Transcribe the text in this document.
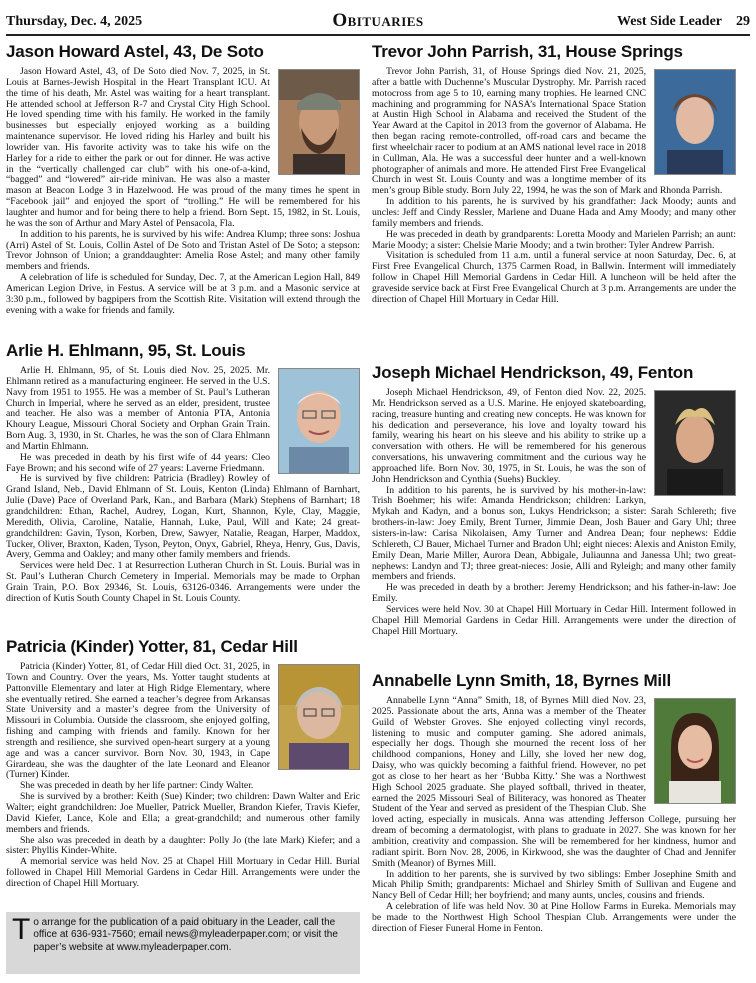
Thursday, Dec. 4, 2025	Obituaries	West Side Leader 29
Jason Howard Astel, 43, De Soto

Jason Howard Astel, 43, of De Soto died Nov. 7, 2025, in St. Louis at Barnes-Jewish Hospital in the Heart Transplant ICU. At the time of his death, Mr. Astel was waiting for a heart transplant. He attended school at Jefferson R-7 and Crystal City High School. He loved spending time with his family. He worked in the family businesses but especially enjoyed working as a building maintenance supervisor. He loved riding his Harley and built his lowrider van. His favorite activity was to take his wife on the Harley for a ride to either the park or out for dinner. He was active in the “vertically challenged car club” with his one-of-a-kind, “bagged” and “lowered” air-ride minivan. He was also a master mason at Beacon Lodge 3 in Hazelwood. He was proud of the many times he spent in “Facebook jail” and enjoyed the sport of “trolling.” He will be remembered for his laughter and humor and for being there to help a friend. Born Sept. 15, 1982, in St. Louis, he was the son of Arthur and Mary Astel of Pensacola, Fla.

In addition to his parents, he is survived by his wife: Andrea Klump; three sons: Joshua (Arri) Astel of St. Louis, Collin Astel of De Soto and Tristan Astel of De Soto; a stepson: Trevor Johnson of Union; a granddaughter: Amelia Rose Astel; and many other family members and friends.

A celebration of life is scheduled for Sunday, Dec. 7, at the American Legion Hall, 849 American Legion Drive, in Festus. A service will be at 3 p.m. and a Masonic service at 3:30 p.m., followed by bagpipers from the Scottish Rite. Visitation will extend through the evening with a wake for friends and family.

Arlie H. Ehlmann, 95, St. Louis

Arlie H. Ehlmann, 95, of St. Louis died Nov. 25, 2025. Mr. Ehlmann retired as a manufacturing engineer. He served in the U.S. Navy from 1951 to 1955. He was a member of St. Paul’s Lutheran Church in Imperial, where he served as an elder, president, trustee and teacher. He also was a member of Antonia PTA, Antonia Khoury League, Missouri Choral Society and Orphan Grain Train. Born Aug. 3, 1930, in St. Charles, he was the son of Clara Ehlmann and Martin Ehlmann.

He was preceded in death by his first wife of 44 years: Cleo Faye Brown; and his second wife of 27 years: Laverne Friedmann.

He is survived by five children: Patricia (Bradley) Rowley of Grand Island, Neb., David Ehlmann of St. Louis, Kenton (Linda) Ehlmann of Barnhart, Julie (Dave) Pace of Overland Park, Kan., and Barbara (Mark) Stephens of Barnhart; 18 grandchildren: Ethan, Rachel, Audrey, Logan, Kurt, Shannon, Kyle, Clay, Maggie, Meredith, Olivia, Caroline, Natalie, Hannah, Luke, Paul, Will and Kate; 24 great-grandchildren: Gavin, Tyson, Korben, Drew, Sawyer, Natalie, Reagan, Harper, Maddox, Tucker, Oliver, Braxton, Kaden, Tyson, Peyton, Onyx, Gabriel, Rheya, Henry, Gus, Davis, Avery, Gemma and Oakley; and many other family members and friends.

Services were held Dec. 1 at Resurrection Lutheran Church in St. Louis. Burial was in St. Paul’s Lutheran Church Cemetery in Imperial. Memorials may be made to Orphan Grain Train, P.O. Box 29346, St. Louis, 63126-0346. Arrangements were under the direction of Kutis South County Chapel in St. Louis County.

Patricia (Kinder) Yotter, 81, Cedar Hill

Patricia (Kinder) Yotter, 81, of Cedar Hill died Oct. 31, 2025, in Town and Country. Over the years, Ms. Yotter taught students at Pattonville Elementary and later at High Ridge Elementary, where she eventually retired. She earned a teacher’s degree from Arkansas State University and a master’s degree from the University of Missouri in Columbia. Outside the classroom, she enjoyed golfing, fishing and camping with friends and family. Known for her strength and resilience, she survived open-heart surgery at a young age and was a cancer survivor. Born Nov. 30, 1943, in Cape Girardeau, she was the daughter of the late Leonard and Eleanor (Turner) Kinder.

She was preceded in death by her life partner: Cindy Walter.

She is survived by a brother: Keith (Sue) Kinder; two children: Dawn Walter and Eric Walter; eight grandchildren: Joe Mueller, Patrick Mueller, Brandon Kiefer, Travis Kiefer, David Kiefer, Lance, Kole and Ella; a great-grandchild; and numerous other family members and friends.

She also was preceded in death by a daughter: Polly Jo (the late Mark) Kiefer; and a sister: Phyllis Kinder-White.

A memorial service was held Nov. 25 at Chapel Hill Mortuary in Cedar Hill. Burial followed in Chapel Hill Memorial Gardens in Cedar Hill. Arrangements were under the direction of Chapel Hill Mortuary.

T o arrange for the publication of a paid obituary in the Leader, call the office at 636-931-7560; email news@myleaderpaper.com; or visit the paper’s website at www.myleaderpaper.com.
Trevor John Parrish, 31, House Springs

Trevor John Parrish, 31, of House Springs died Nov. 21, 2025, after a battle with Duchenne’s Muscular Dystrophy. Mr. Parrish raced motocross from age 5 to 10, earning many trophies. He learned CNC machining and programming for NASA’s International Space Station at Austin High School in Alabama and received the Student of the Year Award at the Capitol in 2013 from the governor of Alabama. He then began racing remote-controlled, off-road cars and became the first wheelchair racer to podium at an AMS national level race in 2018 in Cullman, Ala. He was a successful deer hunter and a well-known photographer of animals and more. He attended First Free Evangelical Church in west St. Louis County and was a longtime member of its men’s group Bible study. Born July 22, 1994, he was the son of Mark and Rhonda Parrish.

In addition to his parents, he is survived by his grandfather: Jack Moody; aunts and uncles: Jeff and Cindy Ressler, Marlene and Duane Hada and Amy Moody; and many other family members and friends.

He was preceded in death by grandparents: Loretta Moody and Marielen Parrish; an aunt: Marie Moody; a sister: Chelsie Marie Moody; and a twin brother: Tyler Andrew Parrish.

Visitation is scheduled from 11 a.m. until a funeral service at noon Saturday, Dec. 6, at First Free Evangelical Church, 1375 Carmen Road, in Ballwin. Interment will immediately follow in Chapel Hill Memorial Gardens in Cedar Hill. A luncheon will be held after the graveside service back at First Free Evangelical Church at 3 p.m. Arrangements are under the direction of Chapel Hill Mortuary in Cedar Hill.

Joseph Michael Hendrickson, 49, Fenton

Joseph Michael Hendrickson, 49, of Fenton died Nov. 22, 2025. Mr. Hendrickson served as a U.S. Marine. He enjoyed skateboarding, racing, treasure hunting and creating new concepts. He was known for his dedication and perseverance, his love and loyalty toward his family, wearing his heart on his sleeve and his ability to strike up a conversation with others. He will be remembered for his generous conversations, his unwavering commitment and the curious way he approached life. Born Nov. 30, 1975, in St. Louis, he was the son of John Hendrickson and Cynthia (Suehs) Buckley.

In addition to his parents, he is survived by his mother-in-law: Trish Boehmer; his wife: Amanda Hendrickson; children: Larkyn, Mykah and Kadyn, and a bonus son, Lukys Hendrickson; a sister: Sarah Schlereth; five brothers-in-law: Joey Emily, Brent Turner, Jimmie Dean, Josh Bauer and Gary Uhl; three sisters-in-law: Carisa Nikolaisen, Amy Turner and Andrea Dean; four nephews: Eddie Schlereth, CJ Bauer, Michael Turner and Bradon Uhl; eight nieces: Alexis and Aniston Emily, Emily Dean, Marie Miller, Aurora Dean, Abbigale, Juliaunna and Janessa Uhl; two great-nephews: Landyn and TJ; three great-nieces: Josie, Alli and Ryleigh; and many other family members and friends.

He was preceded in death by a brother: Jeremy Hendrickson; and his father-in-law: Joe Emily.

Services were held Nov. 30 at Chapel Hill Mortuary in Cedar Hill. Interment followed in Chapel Hill Memorial Gardens in Cedar Hill. Arrangements were under the direction of Chapel Hill Mortuary.

Annabelle Lynn Smith, 18, Byrnes Mill

Annabelle Lynn “Anna” Smith, 18, of Byrnes Mill died Nov. 23, 2025. Passionate about the arts, Anna was a member of the Theater Guild of Webster Groves. She enjoyed collecting vinyl records, listening to music and computer gaming. She adored animals, especially her dogs. Though she mourned the recent loss of her childhood companions, Honey and Lilly, she loved her new dog, Daisy, who was quickly becoming a faithful friend. However, no pet got as close to her heart as her ‘Bubba Kitty.’ She was a Northwest High School 2025 graduate. She played softball, thrived in theater, earned the 2025 Missouri Seal of Biliteracy, was honored as Theater Student of the Year and served as president of the Thespian Club. She loved acting, especially in musicals. Anna was attending Jefferson College, pursuing her dream of becoming a dermatologist, with plans to graduate in 2027. She was known for her ambition, creativity and compassion. She will be remembered for her kindness, humor and radiant spirit. Born Nov. 28, 2006, in Kirkwood, she was the daughter of Chad and Jennifer Smith (Meanor) of Byrnes Mill.

In addition to her parents, she is survived by two siblings: Ember Josephine Smith and Micah Philip Smith; grandparents: Michael and Shirley Smith of Sullivan and Eugene and Nancy Bell of Cedar Hill; her boyfriend; and many aunts, uncles, cousins and friends.

A celebration of life was held Nov. 30 at Pine Hollow Farms in Eureka. Memorials may be made to the Northwest High School Thespian Club. Arrangements were under the direction of Fieser Funeral Home in Fenton.
